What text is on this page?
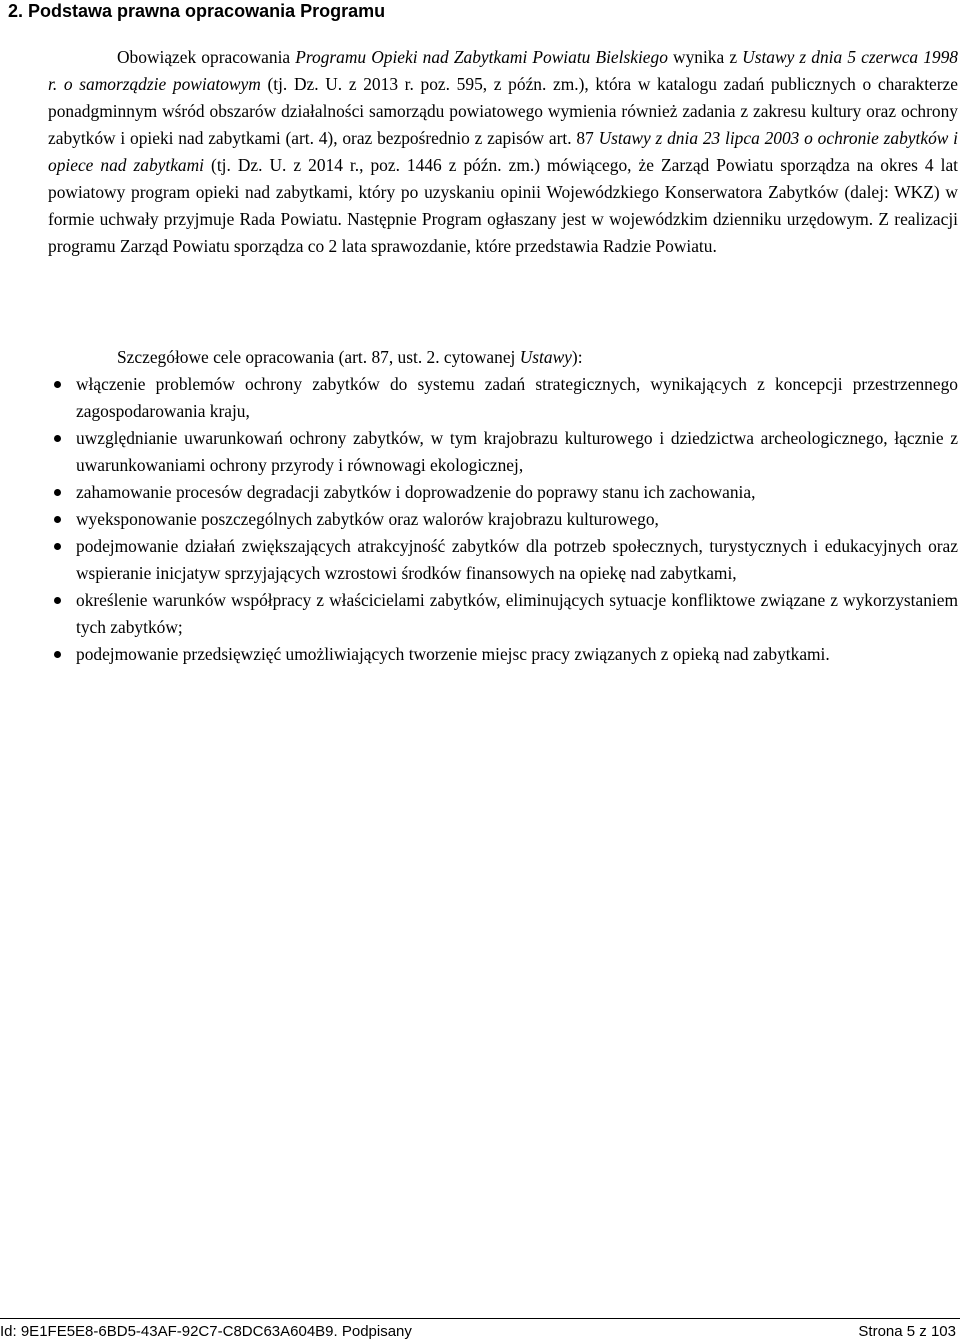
2. Podstawa prawna opracowania Programu
Obowiązek opracowania Programu Opieki nad Zabytkami Powiatu Bielskiego wynika z Ustawy z dnia 5 czerwca 1998 r. o samorządzie powiatowym (tj. Dz. U. z 2013 r. poz. 595, z późn. zm.), która w katalogu zadań publicznych o charakterze ponadgminnym wśród obszarów działalności samorządu powiatowego wymienia również zadania z zakresu kultury oraz ochrony zabytków i opieki nad zabytkami (art. 4), oraz bezpośrednio z zapisów art. 87 Ustawy z dnia 23 lipca 2003 o ochronie zabytków i opiece nad zabytkami (tj. Dz. U. z 2014 r., poz. 1446 z późn. zm.) mówiącego, że Zarząd Powiatu sporządza na okres 4 lat powiatowy program opieki nad zabytkami, który po uzyskaniu opinii Wojewódzkiego Konserwatora Zabytków (dalej: WKZ) w formie uchwały przyjmuje Rada Powiatu. Następnie Program ogłaszany jest w wojewódzkim dzienniku urzędowym. Z realizacji programu Zarząd Powiatu sporządza co 2 lata sprawozdanie, które przedstawia Radzie Powiatu.
Szczegółowe cele opracowania (art. 87, ust. 2. cytowanej Ustawy):
włączenie problemów ochrony zabytków do systemu zadań strategicznych, wynikających z koncepcji przestrzennego zagospodarowania kraju,
uwzględnianie uwarunkowań ochrony zabytków, w tym krajobrazu kulturowego i dziedzictwa archeologicznego, łącznie z uwarunkowaniami ochrony przyrody i równowagi ekologicznej,
zahamowanie procesów degradacji zabytków i doprowadzenie do poprawy stanu ich zachowania,
wyeksponowanie poszczególnych zabytków oraz walorów krajobrazu kulturowego,
podejmowanie działań zwiększających atrakcyjność zabytków dla potrzeb społecznych, turystycznych i edukacyjnych oraz wspieranie inicjatyw sprzyjających wzrostowi środków finansowych na opiekę nad zabytkami,
określenie warunków współpracy z właścicielami zabytków, eliminujących sytuacje konfliktowe związane z wykorzystaniem tych zabytków;
podejmowanie przedsięwzięć umożliwiających tworzenie miejsc pracy związanych z opieką nad zabytkami.
Id: 9E1FE5E8-6BD5-43AF-92C7-C8DC63A604B9. Podpisany	Strona 5 z 103
